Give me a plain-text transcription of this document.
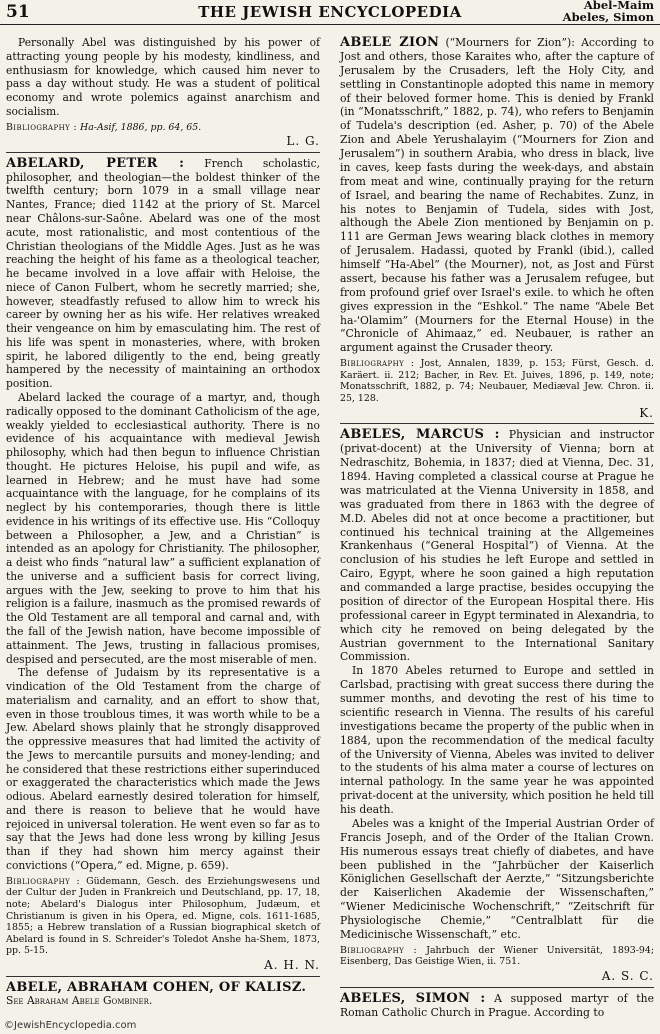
51	THE JEWISH ENCYCLOPEDIA	Abel-Maim
Abeles, Simon

Personally Abel was distinguished by his power of attracting young people by his modesty, kindliness, and enthusiasm for knowledge, which caused him never to pass a day without study. He was a student of political economy and wrote polemics against anarchism and socialism.

Bibliography : Ha-Asif, 1886, pp. 64, 65.

L. G.

ABELARD, PETER : French scholastic, philosopher, and theologian—the boldest thinker of the twelfth century; born 1079 in a small village near Nantes, France; died 1142 at the priory of St. Marcel near Châlons-sur-Saône. Abelard was one of the most acute, most rationalistic, and most contentious of the Christian theologians of the Middle Ages. Just as he was reaching the height of his fame as a theological teacher, he became involved in a love affair with Heloise, the niece of Canon Fulbert, whom he secretly married; she, however, steadfastly refused to allow him to wreck his career by owning her as his wife. Her relatives wreaked their vengeance on him by emasculating him. The rest of his life was spent in monasteries, where, with broken spirit, he labored diligently to the end, being greatly hampered by the necessity of maintaining an orthodox position.

Abelard lacked the courage of a martyr, and, though radically opposed to the dominant Catholicism of the age, weakly yielded to ecclesiastical authority. There is no evidence of his acquaintance with medieval Jewish philosophy, which had then begun to influence Christian thought. He pictures Heloise, his pupil and wife, as learned in Hebrew; and he must have had some acquaintance with the language, for he complains of its neglect by his contemporaries, though there is little evidence in his writings of its effective use. His “Colloquy between a Philosopher, a Jew, and a Christian” is intended as an apology for Christianity. The philosopher, a deist who finds “natural law” a sufficient explanation of the universe and a sufficient basis for correct living, argues with the Jew, seeking to prove to him that his religion is a failure, inasmuch as the promised rewards of the Old Testament are all temporal and carnal and, with the fall of the Jewish nation, have become impossible of attainment. The Jews, trusting in fallacious promises, despised and persecuted, are the most miserable of men.

The defense of Judaism by its representative is a vindication of the Old Testament from the charge of materialism and carnality, and an effort to show that, even in those troublous times, it was worth while to be a Jew. Abelard shows plainly that he strongly disapproved the oppressive measures that had limited the activity of the Jews to mercantile pursuits and money-lending; and he considered that these restrictions either superinduced or exaggerated the characteristics which made the Jews odious. Abelard earnestly desired toleration for himself, and there is reason to believe that he would have rejoiced in universal toleration. He went even so far as to say that the Jews had done less wrong by killing Jesus than if they had shown him mercy against their convictions (“Opera,” ed. Migne, p. 659).

Bibliography : Güdemann, Gesch. des Erziehungswesens und der Cultur der Juden in Frankreich und Deutschland, pp. 17, 18, note; Abelard's Dialogus inter Philosophum, Judæum, et Christianum is given in his Opera, ed. Migne, cols. 1611-1685, 1855; a Hebrew translation of a Russian biographical sketch of Abelard is found in S. Schreider's Toledot Anshe ha-Shem, 1873, pp. 5-15.

A. H. N.

ABELE, ABRAHAM COHEN, OF KALISZ.

See Abraham Abele Gombiner.

ABELE ZION (“Mourners for Zion”): According to Jost and others, those Karaites who, after the capture of Jerusalem by the Crusaders, left the Holy City, and settling in Constantinople adopted this name in memory of their beloved former home. This is denied by Frankl (in “Monatsschrift,” 1882, p. 74), who refers to Benjamin of Tudela's description (ed. Asher, p. 70) of the Abele Zion and Abele Yerushalayim (“Mourners for Zion and Jerusalem”) in southern Arabia, who dress in black, live in caves, keep fasts during the week-days, and abstain from meat and wine, continually praying for the return of Israel, and bearing the name of Rechabites. Zunz, in his notes to Benjamin of Tudela, sides with Jost, although the Abele Zion mentioned by Benjamin on p. 111 are German Jews wearing black clothes in memory of Jerusalem. Hadassi, quoted by Frankl (ibid.), called himself “Ha-Abel” (the Mourner), not, as Jost and Fürst assert, because his father was a Jerusalem refugee, but from profound grief over Israel's exile. to which he often gives expression in the “Eshkol.” The name “Abele Bet ha-'Olamim” (Mourners for the Eternal House) in the “Chronicle of Ahimaaz,” ed. Neubauer, is rather an argument against the Crusader theory.

Bibliography : Jost, Annalen, 1839, p. 153; Fürst, Gesch. d. Karäert. ii. 212; Bacher, in Rev. Et. Juives, 1896, p. 149, note; Monatsschrift, 1882, p. 74; Neubauer, Mediæval Jew. Chron. ii. 25, 128.

K.

ABELES, MARCUS : Physician and instructor (privat-docent) at the University of Vienna; born at Nedraschitz, Bohemia, in 1837; died at Vienna, Dec. 31, 1894. Having completed a classical course at Prague he was matriculated at the Vienna University in 1858, and was graduated from there in 1863 with the degree of M.D. Abeles did not at once become a practitioner, but continued his technical training at the Allgemeines Krankenhaus (“General Hospital”) of Vienna. At the conclusion of his studies he left Europe and settled in Cairo, Egypt, where he soon gained a high reputation and commanded a large practise, besides occupying the position of director of the European Hospital there. His professional career in Egypt terminated in Alexandria, to which city he removed on being delegated by the Austrian government to the International Sanitary Commission.

In 1870 Abeles returned to Europe and settled in Carlsbad, practising with great success there during the summer months, and devoting the rest of his time to scientific research in Vienna. The results of his careful investigations became the property of the public when in 1884, upon the recommendation of the medical faculty of the University of Vienna, Abeles was invited to deliver to the students of his alma mater a course of lectures on internal pathology. In the same year he was appointed privat-docent at the university, which position he held till his death.

Abeles was a knight of the Imperial Austrian Order of Francis Joseph, and of the Order of the Italian Crown. His numerous essays treat chiefly of diabetes, and have been published in the “Jahrbücher der Kaiserlich Königlichen Gesellschaft der Aerzte,” “Sitzungsberichte der Kaiserlichen Akademie der Wissenschaften,” “Wiener Medicinische Wochenschrift,” “Zeitschrift für Physiologische Chemie,” “Centralblatt für die Medicinische Wissenschaft,” etc.

Bibliography : Jahrbuch der Wiener Universität, 1893-94; Eisenberg, Das Geistige Wien, ii. 751.

A. S. C.

ABELES, SIMON : A supposed martyr of the Roman Catholic Church in Prague. According to

©JewishEncyclopedia.com
